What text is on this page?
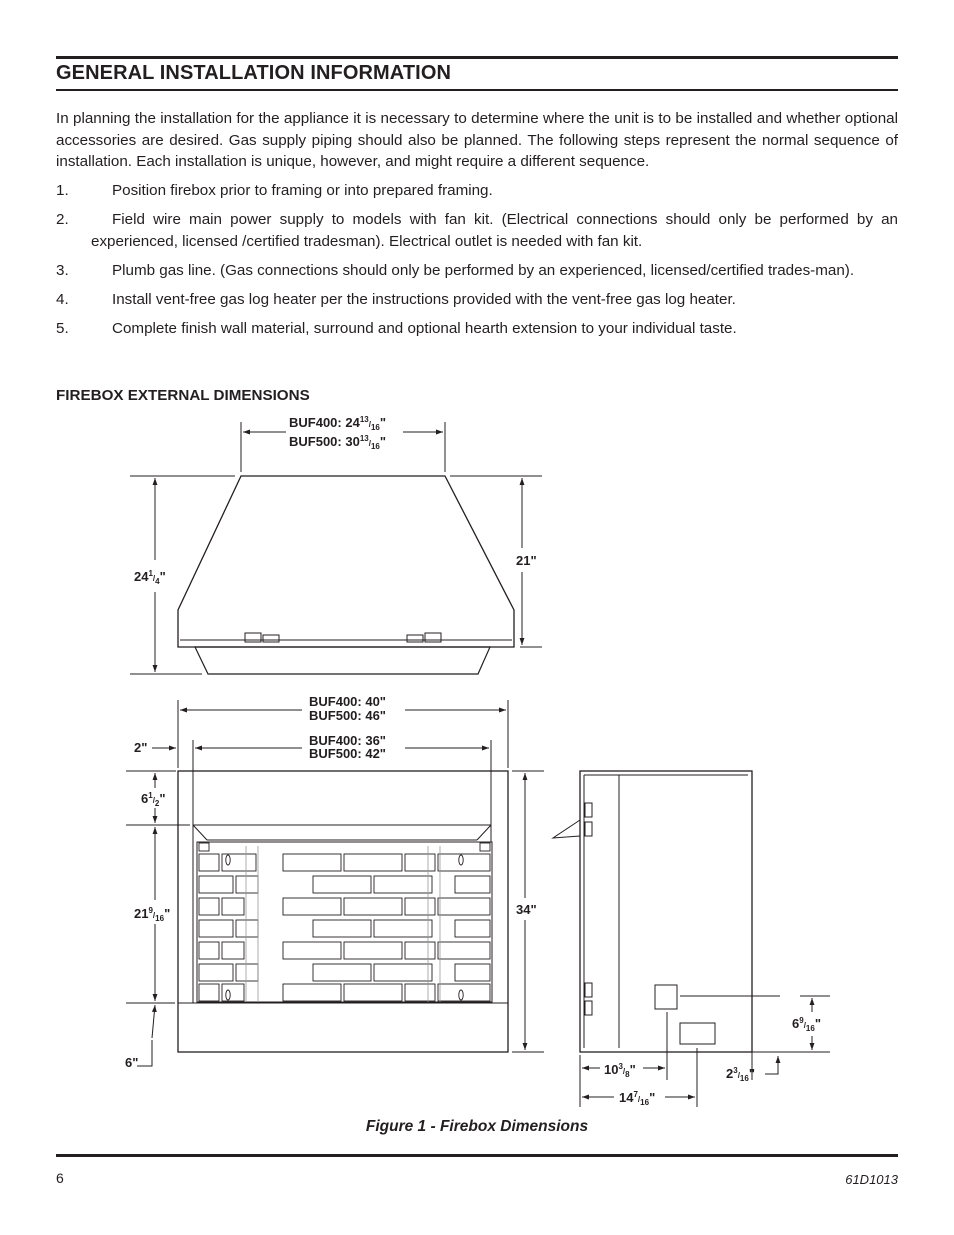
GENERAL INSTALLATION INFORMATION

In planning the installation for the appliance it is necessary to determine where the unit is to be installed and whether optional accessories are desired. Gas supply piping should also be planned. The following steps represent the normal sequence of installation. Each installation is unique, however, and might require a different sequence.

1.	Position firebox prior to framing or into prepared framing.
2.	Field wire main power supply to models with fan kit. (Electrical connections should only be performed by an experienced, licensed /certified tradesman). Electrical outlet is needed with fan kit.
3.	Plumb gas line. (Gas connections should only be performed by an experienced, licensed/certified trades-man).
4.	Install vent-free gas log heater per the instructions provided with the vent-free gas log heater.
5.	Complete finish wall material, surround and optional hearth extension to your individual taste.
FIREBOX EXTERNAL DIMENSIONS
BUF400: $24^{13}_{/16}$"
BUF500: $30^{13}_{/16}$"
$24^1_{/4}$"
21"
BUF400: 40"
BUF500: 46"
BUF400: 36"
BUF500: 42"
2"
$6^1_{/2}$"
$21^9_{/16}$"
6"
34"
$10^3_{/8}$"
$14^7_{/16}$"
$6^9_{/16}$"
$2^3_{/16}$"
Figure 1 - Firebox Dimensions
6	61D1013
